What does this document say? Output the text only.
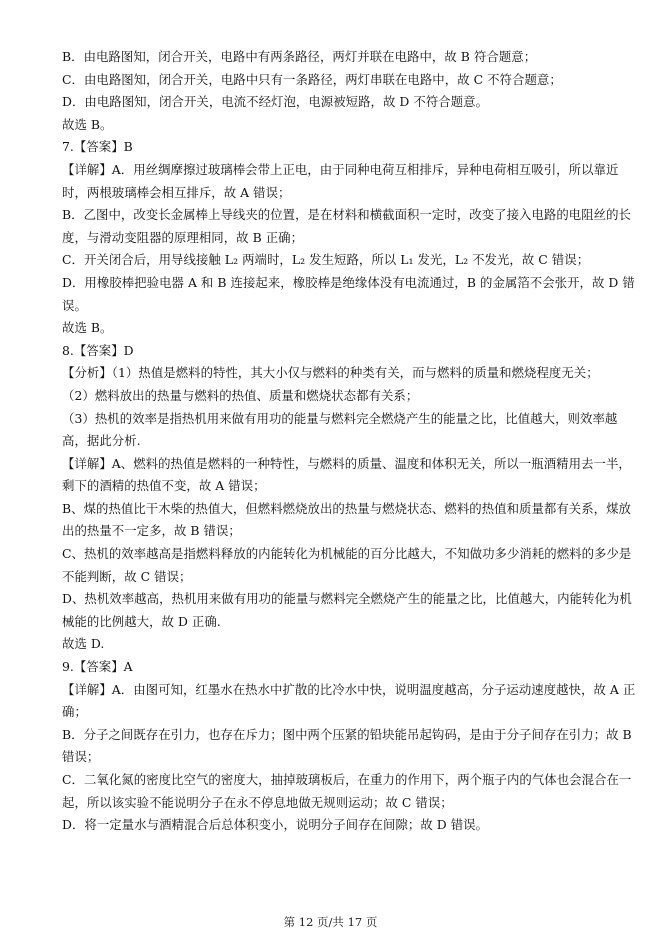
B．由电路图知，闭合开关，电路中有两条路径，两灯并联在电路中，故 B 符合题意；
C．由电路图知，闭合开关，电路中只有一条路径，两灯串联在电路中，故 C 不符合题意；
D．由电路图知，闭合开关，电流不经灯泡，电源被短路，故 D 不符合题意。
故选 B。
7.【答案】B
【详解】A．用丝绸摩擦过玻璃棒会带上正电，由于同种电荷互相排斥，异种电荷相互吸引，所以靠近
时，两根玻璃棒会相互排斥，故 A 错误；
B．乙图中，改变长金属棒上导线夹的位置，是在材料和横截面积一定时，改变了接入电路的电阻丝的长
度，与滑动变阻器的原理相同，故 B 正确；
C．开关闭合后，用导线接触 L₂ 两端时，L₂ 发生短路，所以 L₁ 发光，L₂ 不发光，故 C 错误；
D．用橡胶棒把验电器 A 和 B 连接起来，橡胶棒是绝缘体没有电流通过，B 的金属箔不会张开，故 D 错
误。
故选 B。
8.【答案】D
【分析】（1）热值是燃料的特性，其大小仅与燃料的种类有关，而与燃料的质量和燃烧程度无关；
（2）燃料放出的热量与燃料的热值、质量和燃烧状态都有关系；
（3）热机的效率是指热机用来做有用功的能量与燃料完全燃烧产生的能量之比，比值越大，则效率越
高，据此分析.
【详解】A、燃料的热值是燃料的一种特性，与燃料的质量、温度和体积无关，所以一瓶酒精用去一半，
剩下的酒精的热值不变，故 A 错误；
B、煤的热值比干木柴的热值大，但燃料燃烧放出的热量与燃烧状态、燃料的热值和质量都有关系，煤放
出的热量不一定多，故 B 错误；
C、热机的效率越高是指燃料释放的内能转化为机械能的百分比越大，不知做功多少消耗的燃料的多少是
不能判断，故 C 错误；
D、热机效率越高，热机用来做有用功的能量与燃料完全燃烧产生的能量之比，比值越大，内能转化为机
械能的比例越大，故 D 正确.
故选 D.
9.【答案】A
【详解】A．由图可知，红墨水在热水中扩散的比冷水中快，说明温度越高，分子运动速度越快，故 A 正
确；
B．分子之间既存在引力，也存在斥力；图中两个压紧的铅块能吊起钩码，是由于分子间存在引力；故 B
错误；
C．二氧化氮的密度比空气的密度大，抽掉玻璃板后，在重力的作用下，两个瓶子内的气体也会混合在一
起，所以该实验不能说明分子在永不停息地做无规则运动；故 C 错误；
D．将一定量水与酒精混合后总体积变小，说明分子间存在间隙；故 D 错误。
第 12 页/共 17 页
